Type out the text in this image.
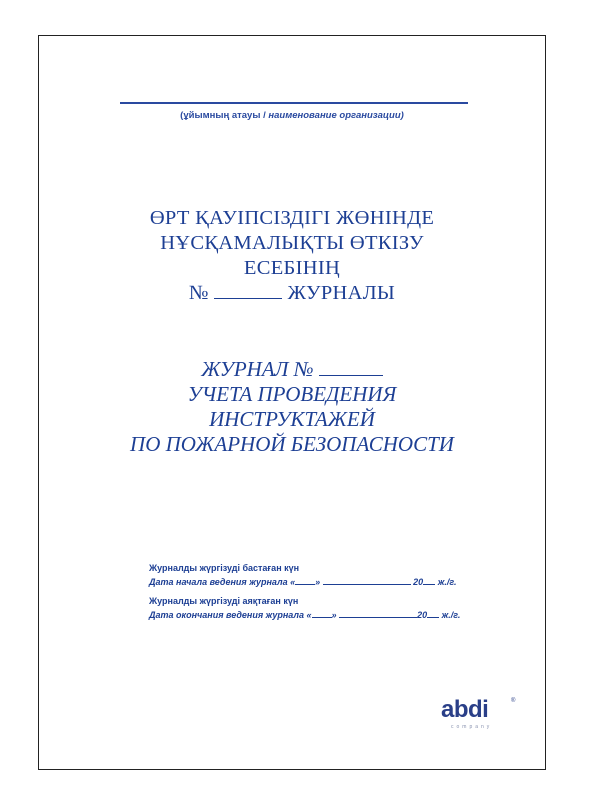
(ұйымның атауы / наименование организации)
ӨРТ ҚАУІПСІЗДІГІ ЖӨНІНДЕ
НҰСҚАМАЛЫҚТЫ ӨТКІЗУ
ЕСЕБІНІҢ
№	ЖУРНАЛЫ
ЖУРНАЛ №
УЧЕТА ПРОВЕДЕНИЯ
ИНСТРУКТАЖЕЙ
ПО ПОЖАРНОЙ БЕЗОПАСНОСТИ
Журналды жүргізуді бастаған күн
Дата начала ведения журнала « »	20 ж./г.
Журналды жүргізуді аяқтаған күн
Дата окончания ведения журнала « »	20 ж./г.
abdi	®
company
